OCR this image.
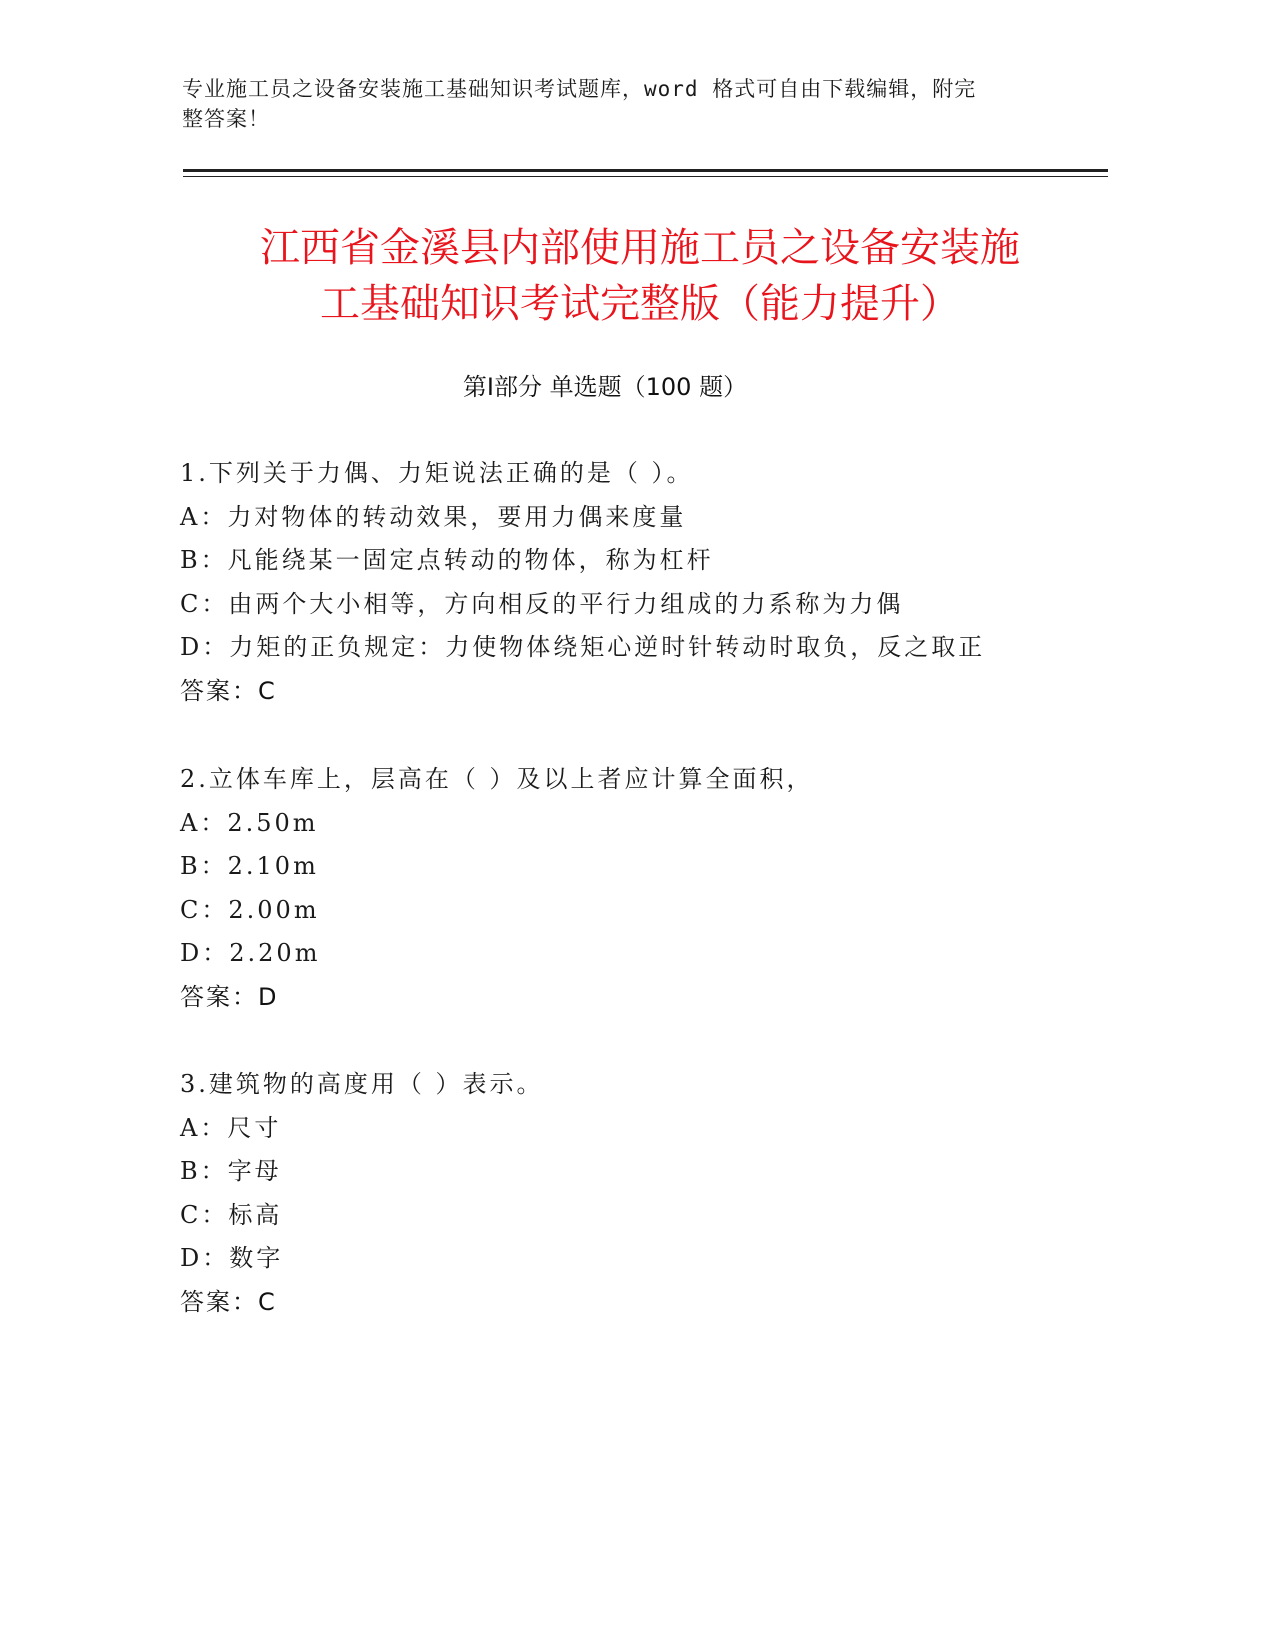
专业施工员之设备安装施工基础知识考试题库，word 格式可自由下载编辑，附完
整答案！
江西省金溪县内部使用施工员之设备安装施
工基础知识考试完整版（能力提升）
第Ⅰ部分 单选题（100 题）
1.下列关于力偶、力矩说法正确的是（ ）。
A：力对物体的转动效果，要用力偶来度量
B：凡能绕某一固定点转动的物体，称为杠杆
C：由两个大小相等，方向相反的平行力组成的力系称为力偶
D：力矩的正负规定：力使物体绕矩心逆时针转动时取负，反之取正
答案：C
2.立体车库上，层高在（ ）及以上者应计算全面积，
A：2.50m
B：2.10m
C：2.00m
D：2.20m
答案：D
3.建筑物的高度用（ ）表示。
A：尺寸
B：字母
C：标高
D：数字
答案：C
